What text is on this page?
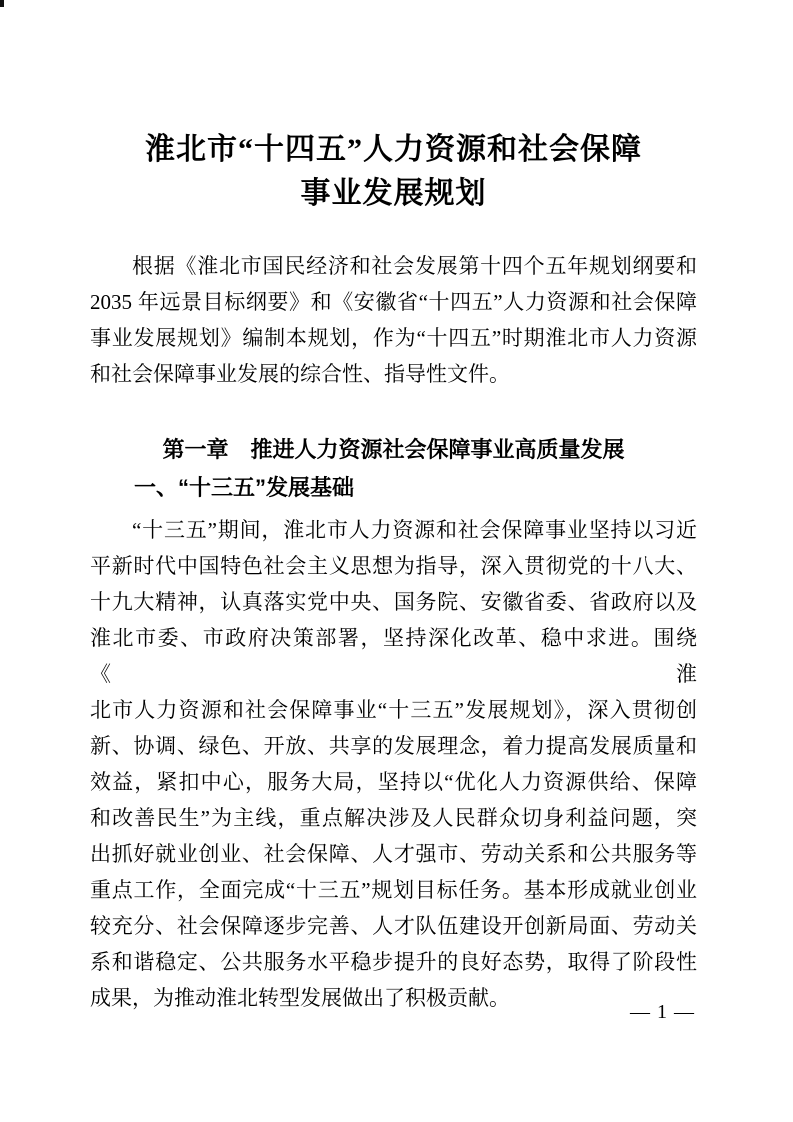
淮北市“十四五”人力资源和社会保障
事业发展规划
根据《淮北市国民经济和社会发展第十四个五年规划纲要和
2035 年远景目标纲要》和《安徽省“十四五”人力资源和社会保障
事业发展规划》编制本规划，作为“十四五”时期淮北市人力资源
和社会保障事业发展的综合性、指导性文件。
第一章　推进人力资源社会保障事业高质量发展
一、“十三五”发展基础
“十三五”期间，淮北市人力资源和社会保障事业坚持以习近
平新时代中国特色社会主义思想为指导，深入贯彻党的十八大、
十九大精神，认真落实党中央、国务院、安徽省委、省政府以及
淮北市委、市政府决策部署，坚持深化改革、稳中求进。围绕《淮
北市人力资源和社会保障事业“十三五”发展规划》，深入贯彻创
新、协调、绿色、开放、共享的发展理念，着力提高发展质量和
效益，紧扣中心，服务大局，坚持以“优化人力资源供给、保障
和改善民生”为主线，重点解决涉及人民群众切身利益问题，突
出抓好就业创业、社会保障、人才强市、劳动关系和公共服务等
重点工作，全面完成“十三五”规划目标任务。基本形成就业创业
较充分、社会保障逐步完善、人才队伍建设开创新局面、劳动关
系和谐稳定、公共服务水平稳步提升的良好态势，取得了阶段性
成果，为推动淮北转型发展做出了积极贡献。
— 1 —
